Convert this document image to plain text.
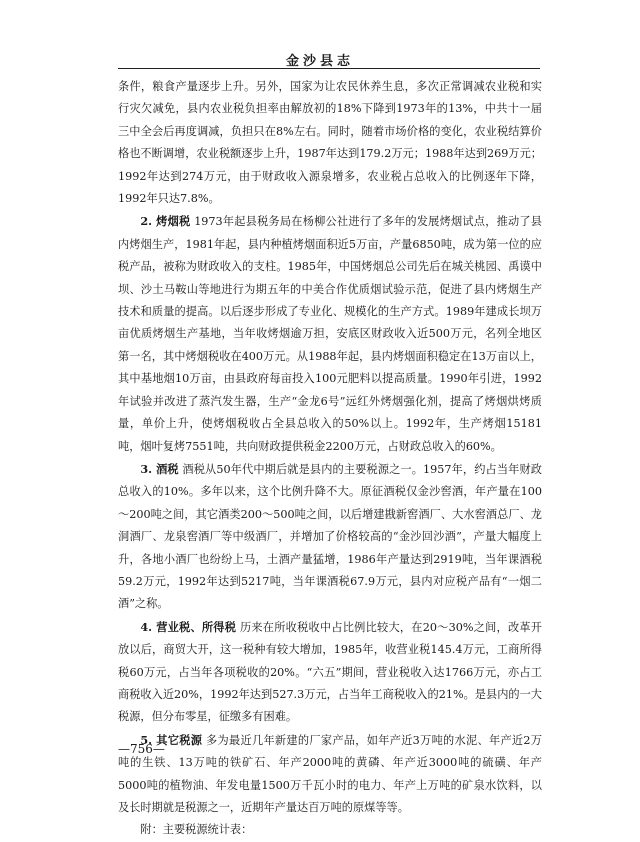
金沙县志

条件，粮食产量逐步上升。另外，国家为让农民休养生息，多次正常调减农业税和实行灾欠减免，县内农业税负担率由解放初的18%下降到1973年的13%，中共十一届三中全会后再度调减，负担只在8%左右。同时，随着市场价格的变化，农业税结算价格也不断调增，农业税额逐步上升，1987年达到179.2万元；1988年达到269万元；1992年达到274万元，由于财政收入源泉增多，农业税占总收入的比例逐年下降，1992年只达7.8%。

2. 烤烟税 1973年起县税务局在杨柳公社进行了多年的发展烤烟试点，推动了县内烤烟生产，1981年起，县内种植烤烟面积近5万亩，产量6850吨，成为第一位的应税产品，被称为财政收入的支柱。1985年，中国烤烟总公司先后在城关桃园、禹谟中坝、沙土马鞍山等地进行为期五年的中美合作优质烟试验示范，促进了县内烤烟生产技术和质量的提高。以后逐步形成了专业化、规模化的生产方式。1989年建成长坝万亩优质烤烟生产基地，当年收烤烟逾万担，安底区财政收入近500万元，名列全地区第一名，其中烤烟税收在400万元。从1988年起，县内烤烟面积稳定在13万亩以上，其中基地烟10万亩，由县政府每亩投入100元肥料以提高质量。1990年引进，1992年试验并改进了蒸汽发生器，生产“金龙6号”远红外烤烟强化剂，提高了烤烟烘烤质量，单价上升，使烤烟税收占全县总收入的50%以上。1992年，生产烤烟15181吨，烟叶复烤7551吨，共向财政提供税金2200万元，占财政总收入的60%。

3. 酒税 酒税从50年代中期后就是县内的主要税源之一。1957年，约占当年财政总收入的10%。多年以来，这个比例升降不大。原征酒税仅金沙窖酒，年产量在100～200吨之间，其它酒类200～500吨之间，以后增建戡新窖酒厂、大水窖酒总厂、龙洞酒厂、龙泉窖酒厂等中级酒厂，并增加了价格较高的“金沙回沙酒”，产量大幅度上升，各地小酒厂也纷纷上马，土酒产量猛增，1986年产量达到2919吨，当年课酒税59.2万元，1992年达到5217吨，当年课酒税67.9万元，县内对应税产品有“一烟二酒”之称。

4. 营业税、所得税 历来在所收税收中占比例比较大，在20～30%之间，改革开放以后，商贸大开，这一税种有较大增加，1985年，收营业税145.4万元，工商所得税60万元，占当年各项税收的20%。“六五”期间，营业税收入达1766万元，亦占工商税收入近20%，1992年达到527.3万元，占当年工商税收入的21%。是县内的一大税源，但分布零星，征缴多有困难。

5. 其它税源 多为最近几年新建的厂家产品，如年产近3万吨的水泥、年产近2万吨的生铁、13万吨的铁矿石、年产2000吨的黄磷、年产近3000吨的硫磺、年产5000吨的植物油、年发电量1500万千瓦小时的电力、年产上万吨的矿泉水饮料，以及长时期就是税源之一，近期年产量达百万吨的原煤等等。

附：主要税源统计表：

—756—
